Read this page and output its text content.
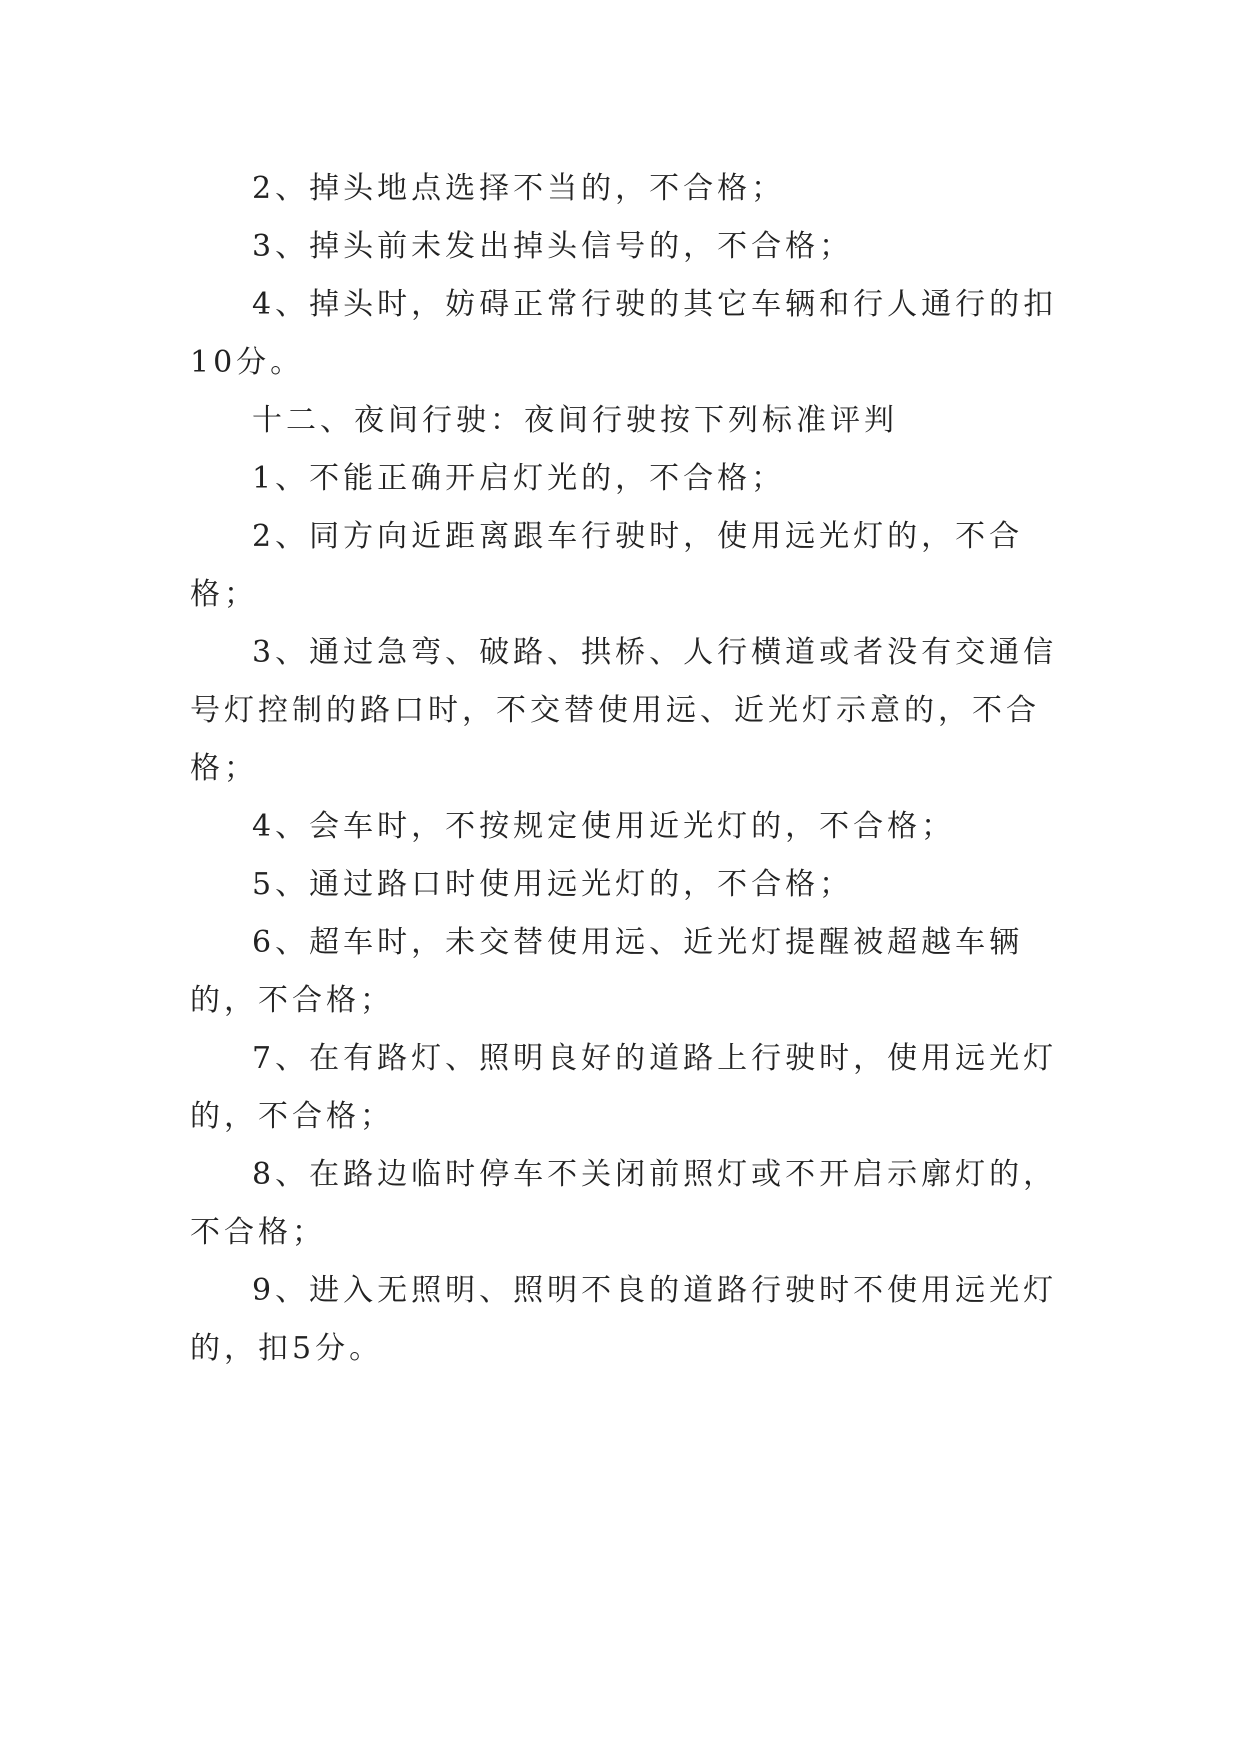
2、掉头地点选择不当的，不合格；

3、掉头前未发出掉头信号的，不合格；

4、掉头时，妨碍正常行驶的其它车辆和行人通行的扣10分。

十二、夜间行驶：夜间行驶按下列标准评判

1、不能正确开启灯光的，不合格；

2、同方向近距离跟车行驶时，使用远光灯的，不合格；

3、通过急弯、破路、拱桥、人行横道或者没有交通信号灯控制的路口时，不交替使用远、近光灯示意的，不合格；

4、会车时，不按规定使用近光灯的，不合格；

5、通过路口时使用远光灯的，不合格；

6、超车时，未交替使用远、近光灯提醒被超越车辆的，不合格；

7、在有路灯、照明良好的道路上行驶时，使用远光灯的，不合格；

8、在路边临时停车不关闭前照灯或不开启示廓灯的，不合格；

9、进入无照明、照明不良的道路行驶时不使用远光灯的，扣5分。
